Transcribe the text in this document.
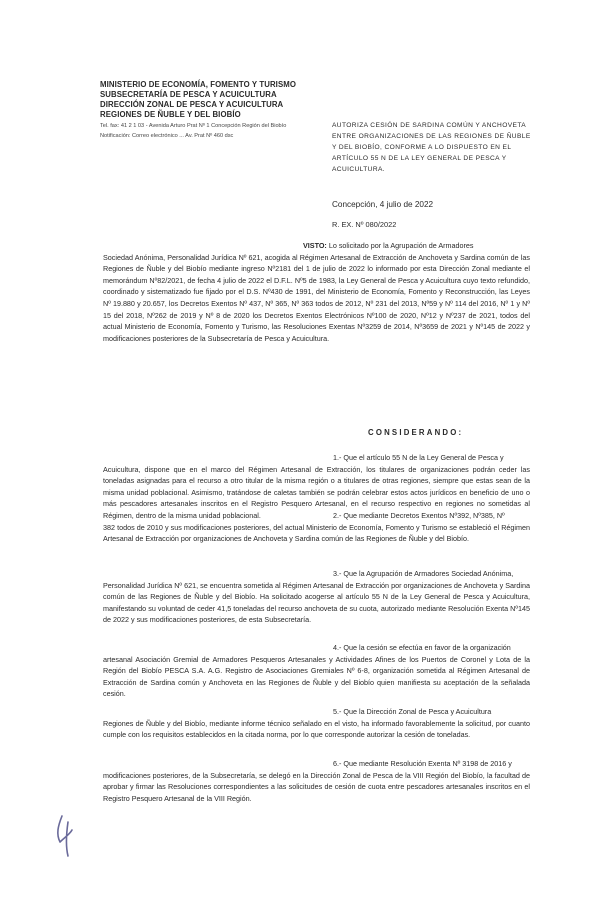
MINISTERIO DE ECONOMÍA, FOMENTO Y TURISMO
SUBSECRETARÍA DE PESCA Y ACUICULTURA
DIRECCIÓN ZONAL DE PESCA Y ACUICULTURA
REGIONES DE ÑUBLE Y DEL BIOBÍO
Tel. fax: 41 2 1 03 - Avenida Arturo Prat Nº 1 Concepción Región del Biobío
Notificación: Correo electrónico ... Av. Prat Nº 460 dsc
AUTORIZA CESIÓN DE SARDINA COMÚN Y ANCHOVETA ENTRE ORGANIZACIONES DE LAS REGIONES DE ÑUBLE Y DEL BIOBÍO, CONFORME A LO DISPUESTO EN EL ARTÍCULO 55 N DE LA LEY GENERAL DE PESCA Y ACUICULTURA.
Concepción, 4 julio de 2022
R. EX. Nº 080/2022
VISTO: Lo solicitado por la Agrupación de Armadores
Sociedad Anónima, Personalidad Jurídica Nº 621, acogida al Régimen Artesanal de Extracción de Anchoveta y Sardina común de las Regiones de Ñuble y del Biobío mediante ingreso Nº2181 del 1 de julio de 2022 lo informado por esta Dirección Zonal mediante el memorándum Nº82/2021, de fecha 4 julio de 2022 el D.F.L. Nº5 de 1983, la Ley General de Pesca y Acuicultura cuyo texto refundido, coordinado y sistematizado fue fijado por el D.S. Nº430 de 1991, del Ministerio de Economía, Fomento y Reconstrucción, las Leyes Nº 19.880 y 20.657, los Decretos Exentos Nº 437, Nº 365, Nº 363 todos de 2012, Nº 231 del 2013, Nº59 y Nº 114 del 2016, Nº 1 y Nº 15 del 2018, Nº262 de 2019 y Nº 8 de 2020 los Decretos Exentos Electrónicos Nº100 de 2020, Nº12 y Nº237 de 2021, todos del actual Ministerio de Economía, Fomento y Turismo, las Resoluciones Exentas Nº3259 de 2014, Nº3659 de 2021 y Nº145 de 2022 y modificaciones posteriores de la Subsecretaría de Pesca y Acuicultura.
CONSIDERANDO:
1.- Que el artículo 55 N de la Ley General de Pesca y
Acuicultura, dispone que en el marco del Régimen Artesanal de Extracción, los titulares de organizaciones podrán ceder las toneladas asignadas para el recurso a otro titular de la misma región o a titulares de otras regiones, siempre que estas sean de la misma unidad poblacional. Asimismo, tratándose de caletas también se podrán celebrar estos actos jurídicos en beneficio de uno o más pescadores artesanales inscritos en el Registro Pesquero Artesanal, en el recurso respectivo en regiones no sometidas al Régimen, dentro de la misma unidad poblacional.	2.- Que mediante Decretos Exentos Nº392, Nº385, Nº
382 todos de 2010 y sus modificaciones posteriores, del actual Ministerio de Economía, Fomento y Turismo se estableció el Régimen Artesanal de Extracción por organizaciones de Anchoveta y Sardina común de las Regiones de Ñuble y del Biobío.
3.- Que la Agrupación de Armadores Sociedad Anónima,
Personalidad Jurídica Nº 621, se encuentra sometida al Régimen Artesanal de Extracción por organizaciones de Anchoveta y Sardina común de las Regiones de Ñuble y del Biobío. Ha solicitado acogerse al artículo 55 N de la Ley General de Pesca y Acuicultura, manifestando su voluntad de ceder 41,5 toneladas del recurso anchoveta de su cuota, autorizado mediante Resolución Exenta Nº145 de 2022 y sus modificaciones posteriores, de esta Subsecretaría.
4.- Que la cesión se efectúa en favor de la organización
artesanal Asociación Gremial de Armadores Pesqueros Artesanales y Actividades Afines de los Puertos de Coronel y Lota de la Región del Biobío PESCA S.A. A.G. Registro de Asociaciones Gremiales Nº 6-8, organización sometida al Régimen Artesanal de Extracción de Sardina común y Anchoveta en las Regiones de Ñuble y del Biobío quien manifiesta su aceptación de la señalada cesión.
5.- Que la Dirección Zonal de Pesca y Acuicultura
Regiones de Ñuble y del Biobío, mediante informe técnico señalado en el visto, ha informado favorablemente la solicitud, por cuanto cumple con los requisitos establecidos en la citada norma, por lo que corresponde autorizar la cesión de toneladas.
6.- Que mediante Resolución Exenta Nº 3198 de 2016 y
modificaciones posteriores, de la Subsecretaría, se delegó en la Dirección Zonal de Pesca de la VIII Región del Biobío, la facultad de aprobar y firmar las Resoluciones correspondientes a las solicitudes de cesión de cuota entre pescadores artesanales inscritos en el Registro Pesquero Artesanal de la VIII Región.
